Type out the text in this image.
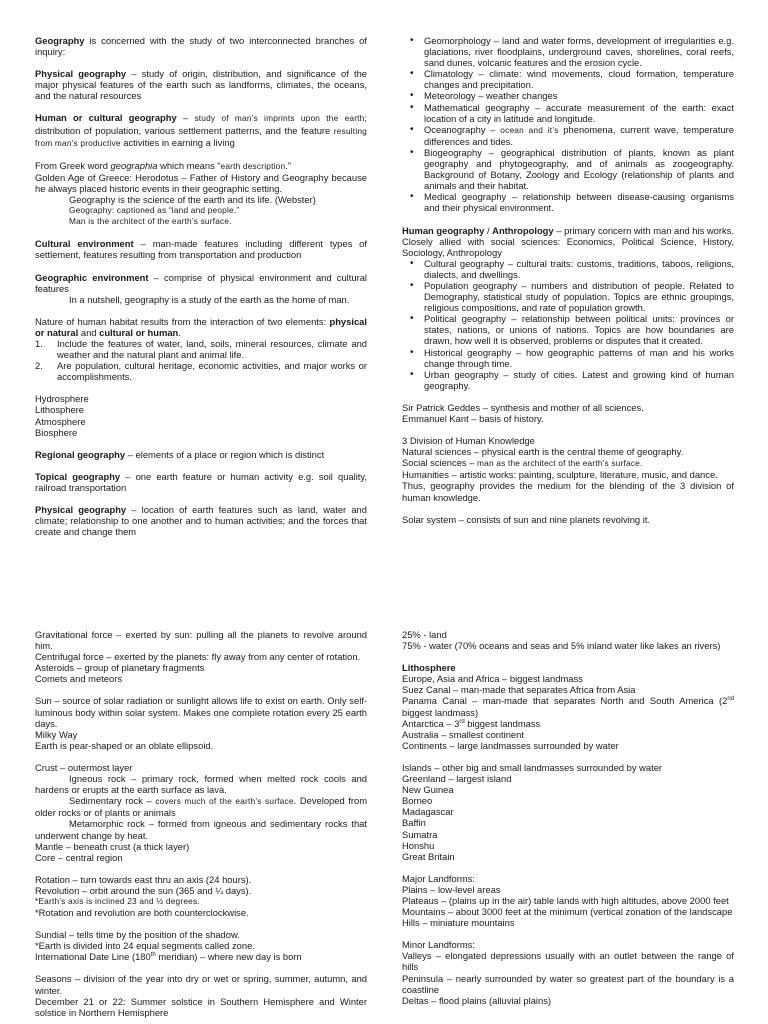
Geography is concerned with the study of two interconnected branches of inquiry:

Physical geography – study of origin, distribution, and significance of the major physical features of the earth such as landforms, climates, the oceans, and the natural resources

Human or cultural geography – study of man’s imprints upon the earth; distribution of population, various settlement patterns, and the feature resulting from man’s productive activities in earning a living

From Greek word geographia which means “earth description.”

Golden Age of Greece: Herodotus – Father of History and Geography because he always placed historic events in their geographic setting.

Geography is the science of the earth and its life. (Webster)

Geography: captioned as “land and people.”

Man is the architect of the earth’s surface.

Cultural environment – man-made features including different types of settlement, features resulting from transportation and production

Geographic environment – comprise of physical environment and cultural features

In a nutshell, geography is a study of the earth as the home of man.

Nature of human habitat results from the interaction of two elements: physical or natural and cultural or human.

1. Include the features of water, land, soils, mineral resources, climate and weather and the natural plant and animal life.
2. Are population, cultural heritage, economic activities, and major works or accomplishments.

Hydrosphere

Lithosphere

Atmosphere

Biosphere

Regional geography – elements of a place or region which is distinct

Topical geography – one earth feature or human activity e.g. soil quality, railroad transportation

Physical geography – location of earth features such as land, water and climate; relationship to one another and to human activities; and the forces that create and change them

• Geomorphology – land and water forms, development of irregularities e.g. glaciations, river floodplains, underground caves, shorelines, coral reefs, sand dunes, volcanic features and the erosion cycle.
• Climatology – climate: wind movements, cloud formation, temperature changes and precipitation.
• Meteorology – weather changes
• Mathematical geography – accurate measurement of the earth: exact location of a city in latitude and longitude.
• Oceanography – ocean and it’s phenomena, current wave, temperature differences and tides.
• Biogeography – geographical distribution of plants, known as plant geography and phytogeography, and of animals as zoogeography. Background of Botany, Zoology and Ecology (relationship of plants and animals and their habitat.
• Medical geography – relationship between disease-causing organisms and their physical environment.

Human geography / Anthropology – primary concern with man and his works. Closely allied with social sciences: Economics, Political Science, History, Sociology, Anthropology

• Cultural geography – cultural traits: customs, traditions, taboos, religions, dialects, and dwellings.
• Population geography – numbers and distribution of people. Related to Demography, statistical study of population. Topics are ethnic groupings, religious compositions, and rate of population growth.
• Political geography – relationship between political units: provinces or states, nations, or unions of nations. Topics are how boundaries are drawn, how well it is observed, problems or disputes that it created.
• Historical geography – how geographic patterns of man and his works change through time.
• Urban geography – study of cities. Latest and growing kind of human geography.

Sir Patrick Geddes – synthesis and mother of all sciences.

Emmanuel Kant – basis of history.

3 Division of Human Knowledge

Natural sciences – physical earth is the central theme of geography.

Social sciences – man as the architect of the earth’s surface.

Humanities – artistic works: painting, sculpture, literature, music, and dance.

Thus, geography provides the medium for the blending of the 3 division of human knowledge.

Solar system – consists of sun and nine planets revolving it.

Gravitational force – exerted by sun: pulling all the planets to revolve around him.

Centrifugal force – exerted by the planets: fly away from any center of rotation.

Asteroids – group of planetary fragments

Comets and meteors

Sun – source of solar radiation or sunlight allows life to exist on earth. Only self-luminous body within solar system. Makes one complete rotation every 25 earth days.

Milky Way

Earth is pear-shaped or an oblate ellipsoid.

Crust – outermost layer

Igneous rock – primary rock, formed when melted rock cools and hardens or erupts at the earth surface as lava.

Sedimentary rock – covers much of the earth’s surface. Developed from older rocks or of plants or animals

Metamorphic rock – formed from igneous and sedimentary rocks that underwent change by heat.

Mantle – beneath crust (a thick layer)

Core – central region

Rotation – turn towards east thru an axis (24 hours).

Revolution – orbit around the sun (365 and ¼ days).

*Earth’s axis is inclined 23 and ½ degrees.

*Rotation and revolution are both counterclockwise.

Sundial – tells time by the position of the shadow.

*Earth is divided into 24 equal segments called zone.

International Date Line (180th meridian) – where new day is born

Seasons – division of the year into dry or wet or spring, summer, autumn, and winter.

December 21 or 22: Summer solstice in Southern Hemisphere and Winter solstice in Northern Hemisphere

25% - land

75% - water (70% oceans and seas and 5% inland water like lakes an rivers)

Lithosphere

Europe, Asia and Africa – biggest landmass

Suez Canal – man-made that separates Africa from Asia

Panama Canal – man-made that separates North and South America (2nd biggest landmass)

Antarctica – 3rd biggest landmass

Australia – smallest continent

Continents – large landmasses surrounded by water

Islands – other big and small landmasses surrounded by water

Greenland – largest island

New Guinea

Borneo

Madagascar

Baffin

Sumatra

Honshu

Great Britain

Major Landforms:

Plains – low-level areas

Plateaus – (plains up in the air) table lands with high altitudes, above 2000 feet

Mountains – about 3000 feet at the minimum (vertical zonation of the landscape

Hills – miniature mountains

Minor Landforms:

Valleys – elongated depressions usually with an outlet between the range of hills

Peninsula – nearly surrounded by water so greatest part of the boundary is a coastline

Deltas – flood plains (alluvial plains)
